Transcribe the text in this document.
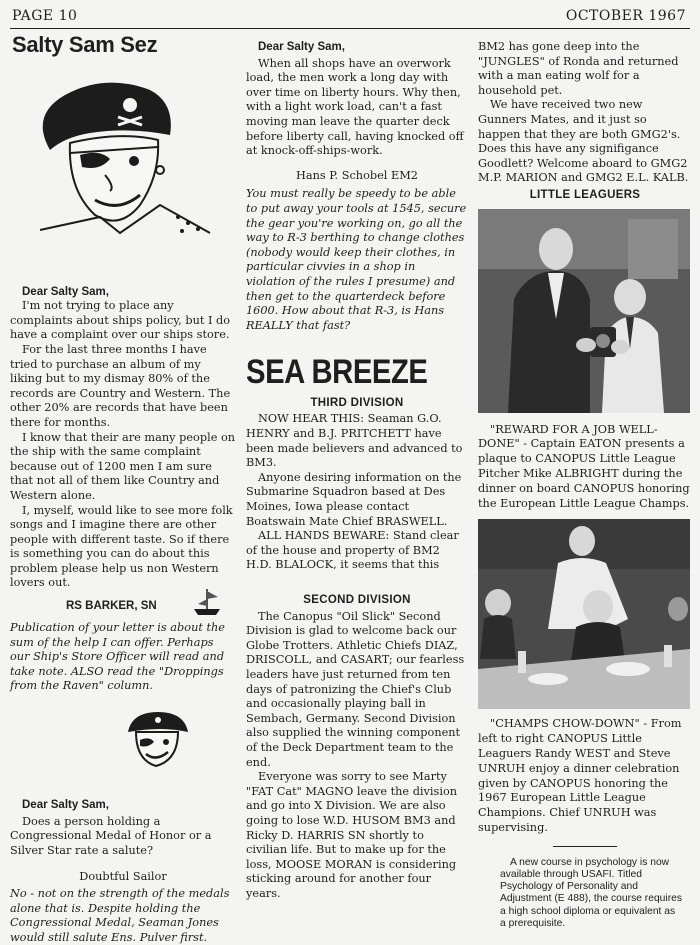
PAGE 10	OCTOBER 1967
Salty Sam Sez

Dear Salty Sam,

I'm not trying to place any complaints about ships policy, but I do have a complaint over our ships store.

For the last three months I have tried to purchase an album of my liking but to my dismay 80% of the records are Country and Western. The other 20% are records that have been there for months.

I know that their are many people on the ship with the same complaint because out of 1200 men I am sure that not all of them like Country and Western alone.

I, myself, would like to see more folk songs and I imagine there are other people with different taste. So if there is something you can do about this problem please help us non Western lovers out.

RS BARKER, SN

Publication of your letter is about the sum of the help I can offer. Perhaps our Ship's Store Officer will read and take note. ALSO read the "Droppings from the Raven" column.

Dear Salty Sam,

Does a person holding a Congressional Medal of Honor or a Silver Star rate a salute?

Doubtful Sailor

No - not on the strength of the medals alone that is. Despite holding the Congressional Medal, Seaman Jones would still salute Ens. Pulver first.

Dear Salty Sam,

When all shops have an overwork load, the men work a long day with over time on liberty hours. Why then, with a light work load, can't a fast moving man leave the quarter deck before liberty call, having knocked off at knock-off-ships-work.

Hans P. Schobel EM2

You must really be speedy to be able to put away your tools at 1545, secure the gear you're working on, go all the way to R-3 berthing to change clothes (nobody would keep their clothes, in particular civvies in a shop in violation of the rules I presume) and then get to the quarterdeck before 1600. How about that R-3, is Hans REALLY that fast?

SEA BREEZE
THIRD DIVISION

NOW HEAR THIS: Seaman G.O. HENRY and B.J. PRITCHETT have been made believers and advanced to BM3.

Anyone desiring information on the Submarine Squadron based at Des Moines, Iowa please contact Boatswain Mate Chief BRASWELL.

ALL HANDS BEWARE: Stand clear of the house and property of BM2 H.D. BLALOCK, it seems that this

SECOND DIVISION

The Canopus "Oil Slick" Second Division is glad to welcome back our Globe Trotters. Athletic Chiefs DIAZ, DRISCOLL, and CASART; our fearless leaders have just returned from ten days of patronizing the Chief's Club and occasionally playing ball in Sembach, Germany. Second Division also supplied the winning component of the Deck Department team to the end.

Everyone was sorry to see Marty "FAT Cat" MAGNO leave the division and go into X Division. We are also going to lose W.D. HUSOM BM3 and Ricky D. HARRIS SN shortly to civilian life. But to make up for the loss, MOOSE MORAN is considering sticking around for another four years.

BM2 has gone deep into the "JUNGLES" of Ronda and returned with a man eating wolf for a household pet.

We have received two new Gunners Mates, and it just so happen that they are both GMG2's. Does this have any signifigance Goodlett? Welcome aboard to GMG2 M.P. MARION and GMG2 E.L. KALB.

LITTLE LEAGUERS

"REWARD FOR A JOB WELL-DONE" - Captain EATON presents a plaque to CANOPUS Little League Pitcher Mike ALBRIGHT during the dinner on board CANOPUS honoring the European Little League Champs.

"CHAMPS CHOW-DOWN" - From left to right CANOPUS Little Leaguers Randy WEST and Steve UNRUH enjoy a dinner celebration given by CANOPUS honoring the 1967 European Little League Champions. Chief UNRUH was supervising.

A new course in psychology is now available through USAFI. Titled Psychology of Personality and Adjustment (E 488), the course requires a high school diploma or equivalent as a prerequisite.
